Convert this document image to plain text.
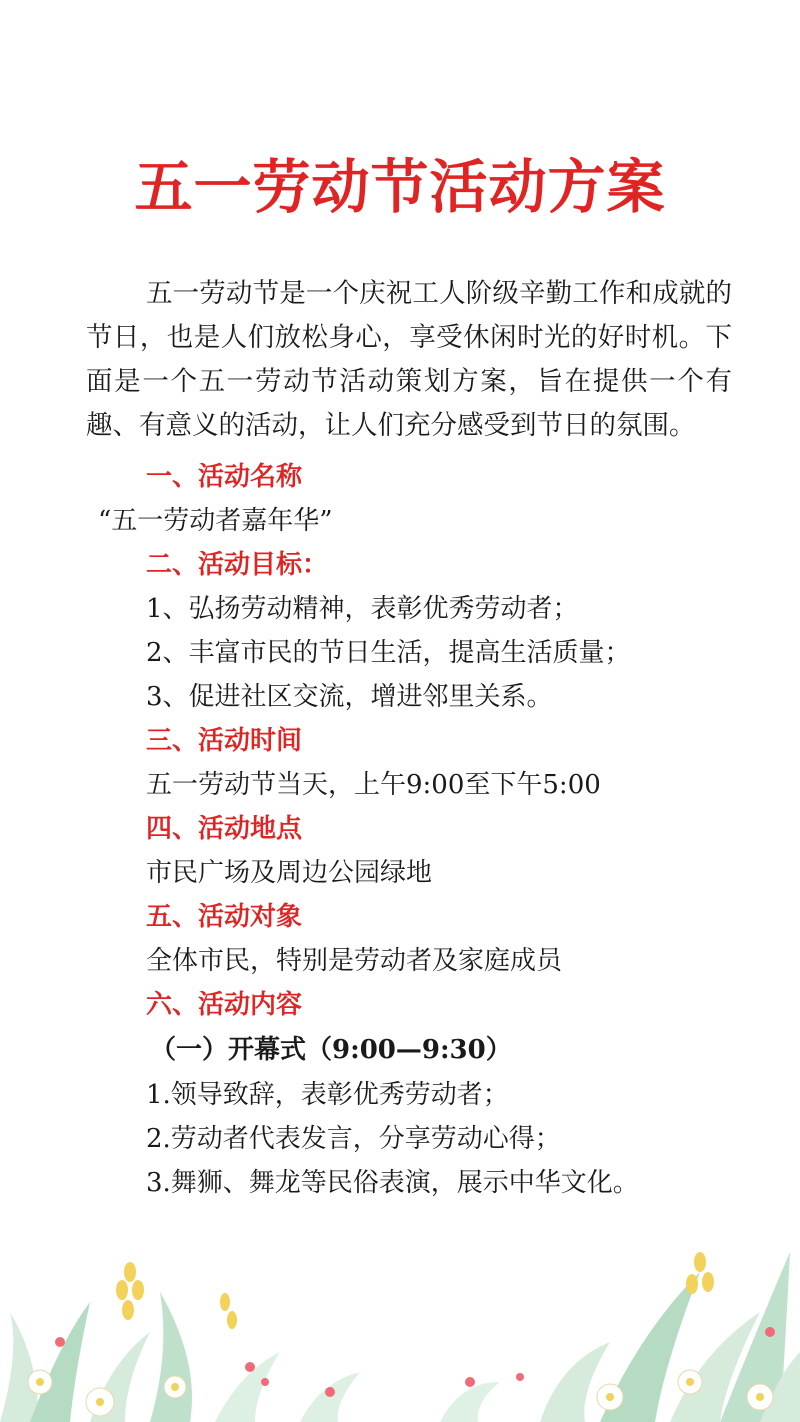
五一劳动节活动方案

五一劳动节是一个庆祝工人阶级辛勤工作和成就的节日，也是人们放松身心，享受休闲时光的好时机。下面是一个五一劳动节活动策划方案，旨在提供一个有趣、有意义的活动，让人们充分感受到节日的氛围。

一、活动名称
“五一劳动者嘉年华”
二、活动目标：
1、弘扬劳动精神，表彰优秀劳动者；
2、丰富市民的节日生活，提高生活质量；
3、促进社区交流，增进邻里关系。
三、活动时间
五一劳动节当天，上午9:00至下午5:00
四、活动地点
市民广场及周边公园绿地
五、活动对象
全体市民，特别是劳动者及家庭成员
六、活动内容
（一）开幕式（9:00—9:30）
1.领导致辞，表彰优秀劳动者；
2.劳动者代表发言，分享劳动心得；
3.舞狮、舞龙等民俗表演，展示中华文化。
